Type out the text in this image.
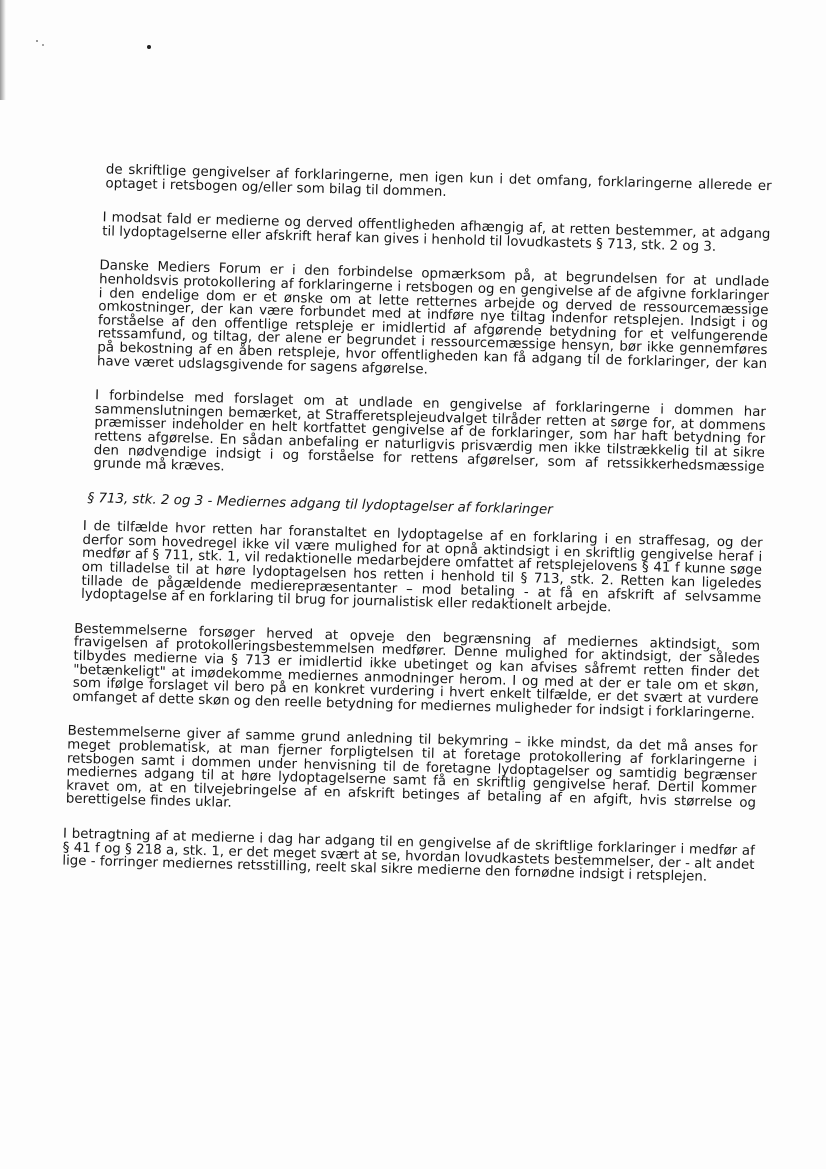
de skriftlige gengivelser af forklaringerne, men igen kun i det omfang, forklaringerne allerede er optaget i retsbogen og/eller som bilag til dommen.

I modsat fald er medierne og derved offentligheden afhængig af, at retten bestemmer, at adgang til lydoptagelserne eller afskrift heraf kan gives i henhold til lovudkastets § 713, stk. 2 og 3.

Danske Mediers Forum er i den forbindelse opmærksom på, at begrundelsen for at undlade henholdsvis protokollering af forklaringerne i retsbogen og en gengivelse af de afgivne forklaringer i den endelige dom er et ønske om at lette retternes arbejde og derved de ressourcemæssige omkostninger, der kan være forbundet med at indføre nye tiltag indenfor retsplejen. Indsigt i og forståelse af den offentlige retspleje er imidlertid af afgørende betydning for et velfungerende retssamfund, og tiltag, der alene er begrundet i ressourcemæssige hensyn, bør ikke gennemføres på bekostning af en åben retspleje, hvor offentligheden kan få adgang til de forklaringer, der kan have været udslagsgivende for sagens afgørelse.

I forbindelse med forslaget om at undlade en gengivelse af forklaringerne i dommen har sammenslutningen bemærket, at Strafferetsplejeudvalget tilråder retten at sørge for, at dommens præmisser indeholder en helt kortfattet gengivelse af de forklaringer, som har haft betydning for rettens afgørelse. En sådan anbefaling er naturligvis prisværdig men ikke tilstrækkelig til at sikre den nødvendige indsigt i og forståelse for rettens afgørelser, som af retssikkerhedsmæssige grunde må kræves.

§ 713, stk. 2 og 3 - Mediernes adgang til lydoptagelser af forklaringer

I de tilfælde hvor retten har foranstaltet en lydoptagelse af en forklaring i en straffesag, og der derfor som hovedregel ikke vil være mulighed for at opnå aktindsigt i en skriftlig gengivelse heraf i medfør af § 711, stk. 1, vil redaktionelle medarbejdere omfattet af retsplejelovens § 41 f kunne søge om tilladelse til at høre lydoptagelsen hos retten i henhold til § 713, stk. 2. Retten kan ligeledes tillade de pågældende medierepræsentanter – mod betaling - at få en afskrift af selvsamme lydoptagelse af en forklaring til brug for journalistisk eller redaktionelt arbejde.

Bestemmelserne forsøger herved at opveje den begrænsning af mediernes aktindsigt, som fravigelsen af protokolleringsbestemmelsen medfører. Denne mulighed for aktindsigt, der således tilbydes medierne via § 713 er imidlertid ikke ubetinget og kan afvises såfremt retten finder det "betænkeligt" at imødekomme mediernes anmodninger herom. I og med at der er tale om et skøn, som ifølge forslaget vil bero på en konkret vurdering i hvert enkelt tilfælde, er det svært at vurdere omfanget af dette skøn og den reelle betydning for mediernes muligheder for indsigt i forklaringerne.

Bestemmelserne giver af samme grund anledning til bekymring – ikke mindst, da det må anses for meget problematisk, at man fjerner forpligtelsen til at foretage protokollering af forklaringerne i retsbogen samt i dommen under henvisning til de foretagne lydoptagelser og samtidig begrænser mediernes adgang til at høre lydoptagelserne samt få en skriftlig gengivelse heraf. Dertil kommer kravet om, at en tilvejebringelse af en afskrift betinges af betaling af en afgift, hvis størrelse og berettigelse findes uklar.

I betragtning af at medierne i dag har adgang til en gengivelse af de skriftlige forklaringer i medfør af § 41 f og § 218 a, stk. 1, er det meget svært at se, hvordan lovudkastets bestemmelser, der - alt andet lige - forringer mediernes retsstilling, reelt skal sikre medierne den fornødne indsigt i retsplejen.
